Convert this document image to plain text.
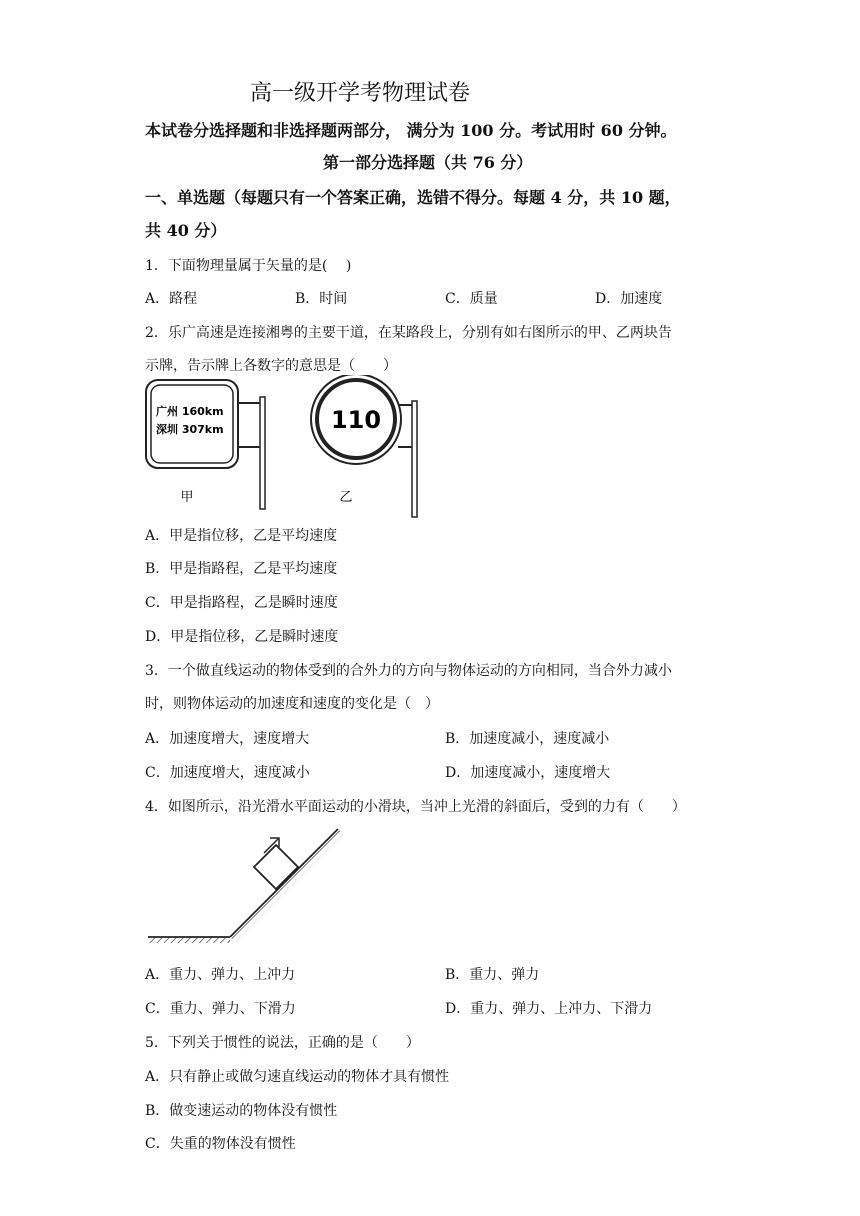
高一级开学考物理试卷
本试卷分选择题和非选择题两部分， 满分为 100 分。考试用时 60 分钟。
第一部分选择题（共 76 分）
一、单选题（每题只有一个答案正确，选错不得分。每题 4 分，共 10 题，
共 40 分）
1．下面物理量属于矢量的是(　 )
A．路程	B．时间	C．质量	D．加速度
2．乐广高速是连接湘粤的主要干道，在某路段上，分别有如右图所示的甲、乙两块告
示牌，告示牌上各数字的意思是（　　）
广州 160km
深圳 307km
甲
110
乙
A．甲是指位移，乙是平均速度
B．甲是指路程，乙是平均速度
C．甲是指路程，乙是瞬时速度
D．甲是指位移，乙是瞬时速度
3．一个做直线运动的物体受到的合外力的方向与物体运动的方向相同，当合外力减小
时，则物体运动的加速度和速度的变化是（　）
A．加速度增大，速度增大	B．加速度减小，速度减小
C．加速度增大，速度减小	D．加速度减小，速度增大
4．如图所示，沿光滑水平面运动的小滑块，当冲上光滑的斜面后，受到的力有（　　）
A．重力、弹力、上冲力	B．重力、弹力
C．重力、弹力、下滑力	D．重力、弹力、上冲力、下滑力
5．下列关于惯性的说法，正确的是（　　）
A．只有静止或做匀速直线运动的物体才具有惯性
B．做变速运动的物体没有惯性
C．失重的物体没有惯性
